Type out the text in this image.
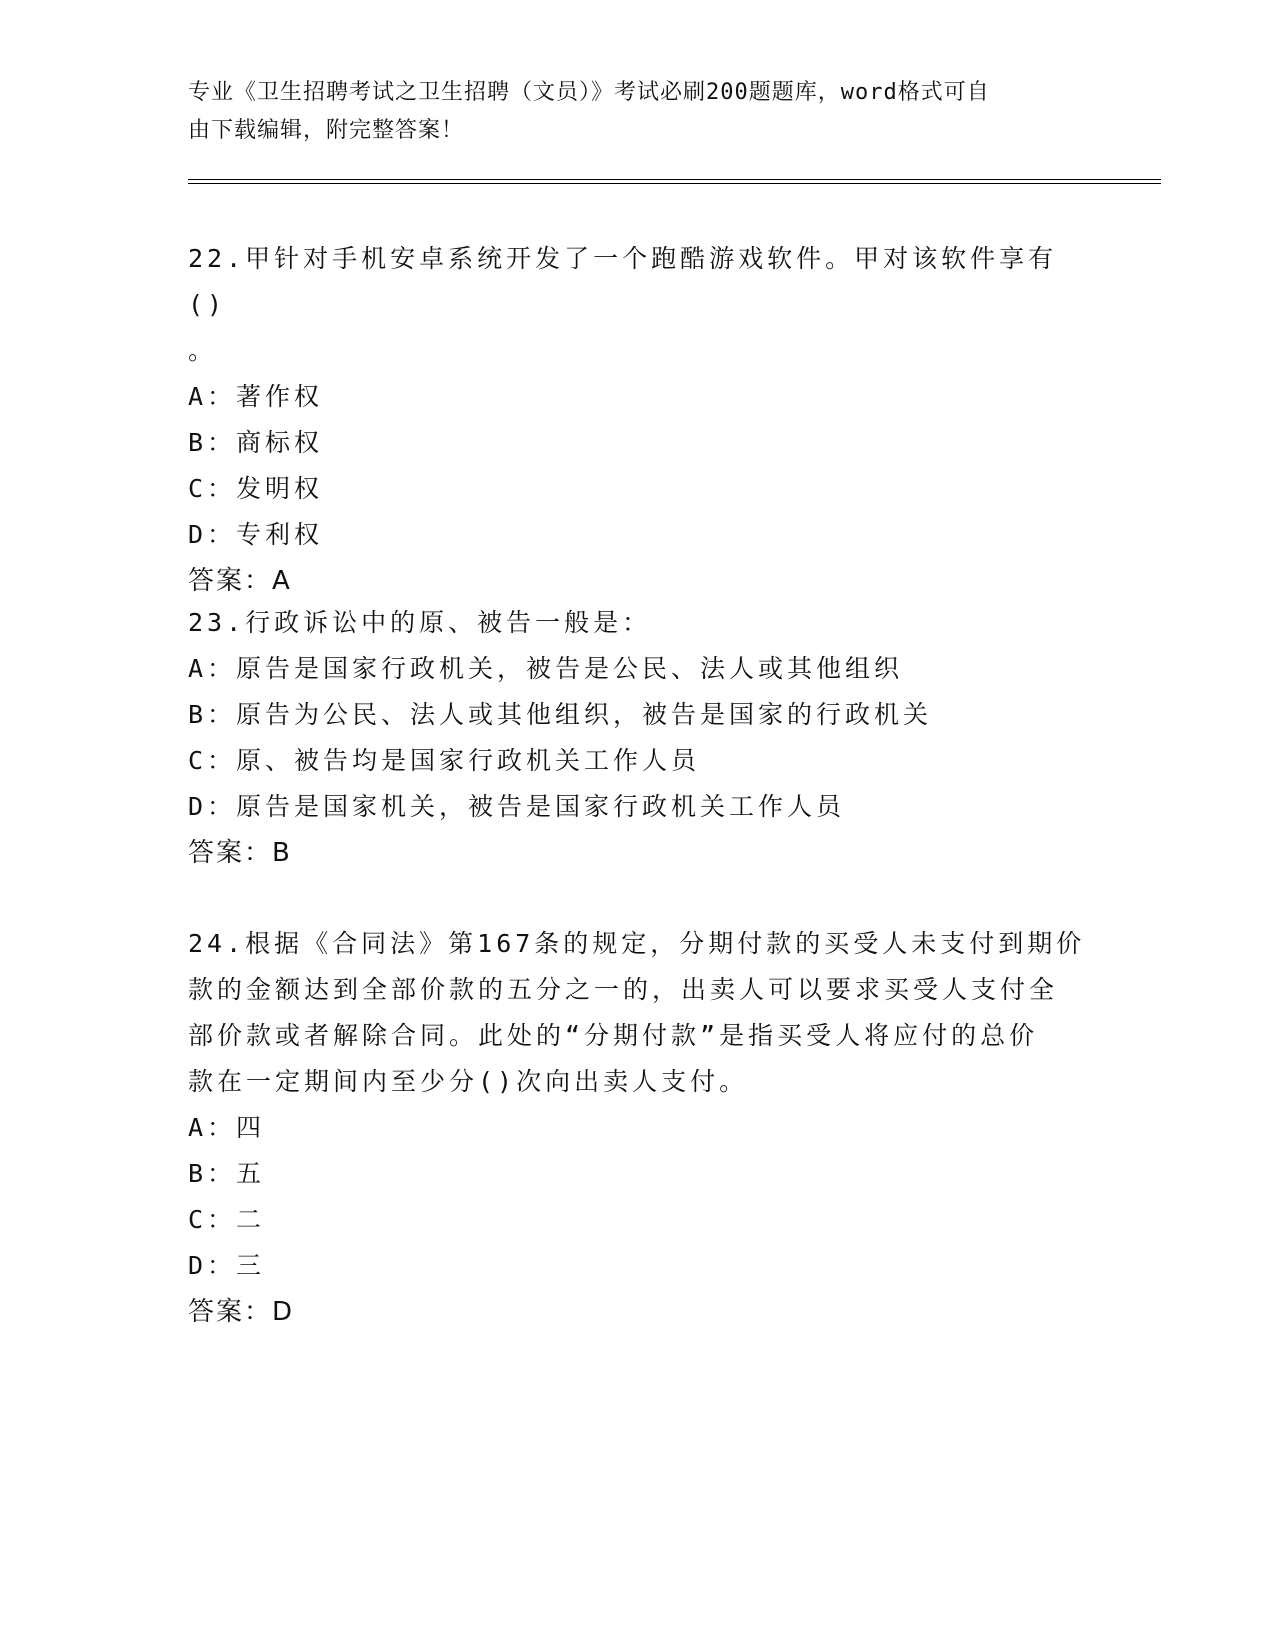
专业《卫生招聘考试之卫生招聘（文员）》考试必刷200题题库，word格式可自
由下载编辑，附完整答案！
22.甲针对手机安卓系统开发了一个跑酷游戏软件。甲对该软件享有()
。
A：著作权
B：商标权
C：发明权
D：专利权
答案：A
23.行政诉讼中的原、被告一般是：
A：原告是国家行政机关，被告是公民、法人或其他组织
B：原告为公民、法人或其他组织，被告是国家的行政机关
C：原、被告均是国家行政机关工作人员
D：原告是国家机关，被告是国家行政机关工作人员
答案：B
24.根据《合同法》第167条的规定，分期付款的买受人未支付到期价
款的金额达到全部价款的五分之一的，出卖人可以要求买受人支付全
部价款或者解除合同。此处的“分期付款”是指买受人将应付的总价
款在一定期间内至少分()次向出卖人支付。
A：四
B：五
C：二
D：三
答案：D
